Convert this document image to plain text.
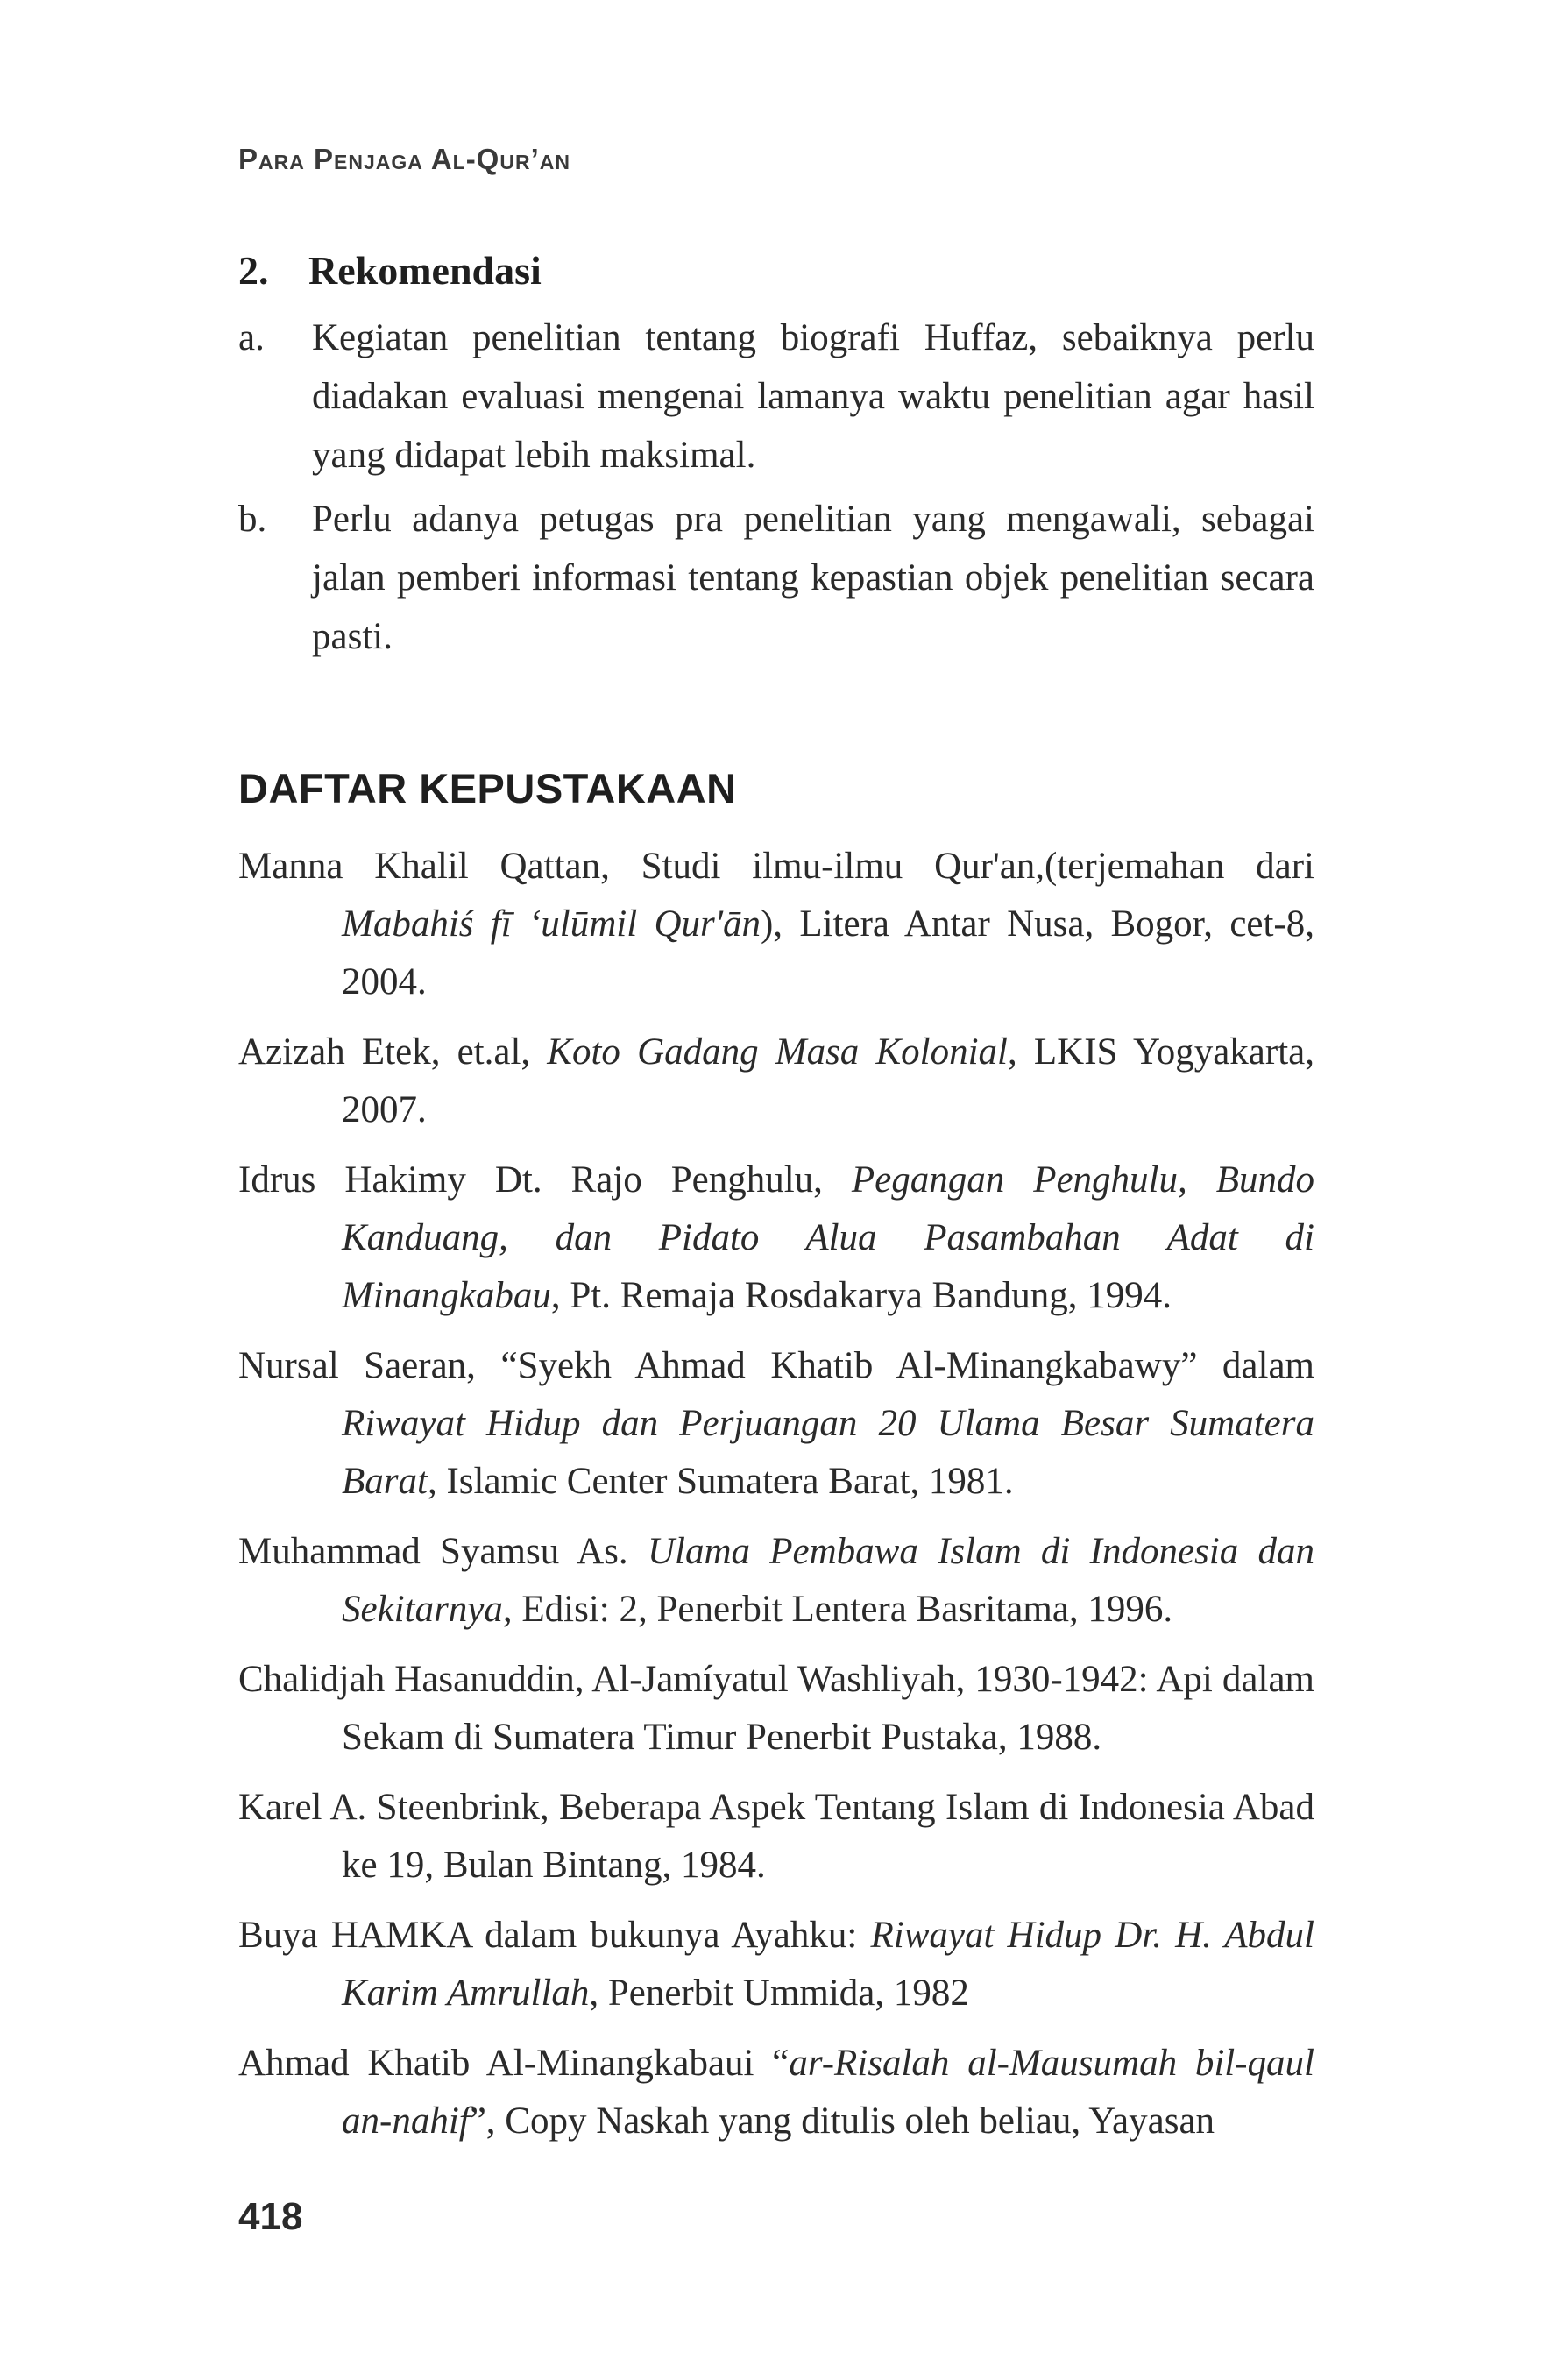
Para Penjaga Al-Qur’an
2. Rekomendasi
a. Kegiatan penelitian tentang biografi Huffaz, sebaiknya perlu diadakan evaluasi mengenai lamanya waktu penelitian agar hasil yang didapat lebih maksimal.
b. Perlu adanya petugas pra penelitian yang mengawali, sebagai jalan pemberi informasi tentang kepastian objek penelitian secara pasti.
DAFTAR KEPUSTAKAAN
Manna Khalil Qattan, Studi ilmu-ilmu Qur'an,(terjemahan dari Mabahiś fī ‘ulūmil Qur'ān), Litera Antar Nusa, Bogor, cet-8, 2004.
Azizah Etek, et.al, Koto Gadang Masa Kolonial, LKIS Yogyakarta, 2007.
Idrus Hakimy Dt. Rajo Penghulu, Pegangan Penghulu, Bundo Kanduang, dan Pidato Alua Pasambahan Adat di Minangkabau, Pt. Remaja Rosdakarya Bandung, 1994.
Nursal Saeran, “Syekh Ahmad Khatib Al-Minangkabawy” dalam Riwayat Hidup dan Perjuangan 20 Ulama Besar Sumatera Barat, Islamic Center Sumatera Barat, 1981.
Muhammad Syamsu As. Ulama Pembawa Islam di Indonesia dan Sekitarnya, Edisi: 2, Penerbit Lentera Basritama, 1996.
Chalidjah Hasanuddin, Al-Jamíyatul Washliyah, 1930-1942: Api dalam Sekam di Sumatera Timur Penerbit Pustaka, 1988.
Karel A. Steenbrink, Beberapa Aspek Tentang Islam di Indonesia Abad ke 19, Bulan Bintang, 1984.
Buya HAMKA dalam bukunya Ayahku: Riwayat Hidup Dr. H. Abdul Karim Amrullah, Penerbit Ummida, 1982
Ahmad Khatib Al-Minangkabaui “ar-Risalah al-Mausumah bil-qaul an-nahif”, Copy Naskah yang ditulis oleh beliau, Yayasan
418
